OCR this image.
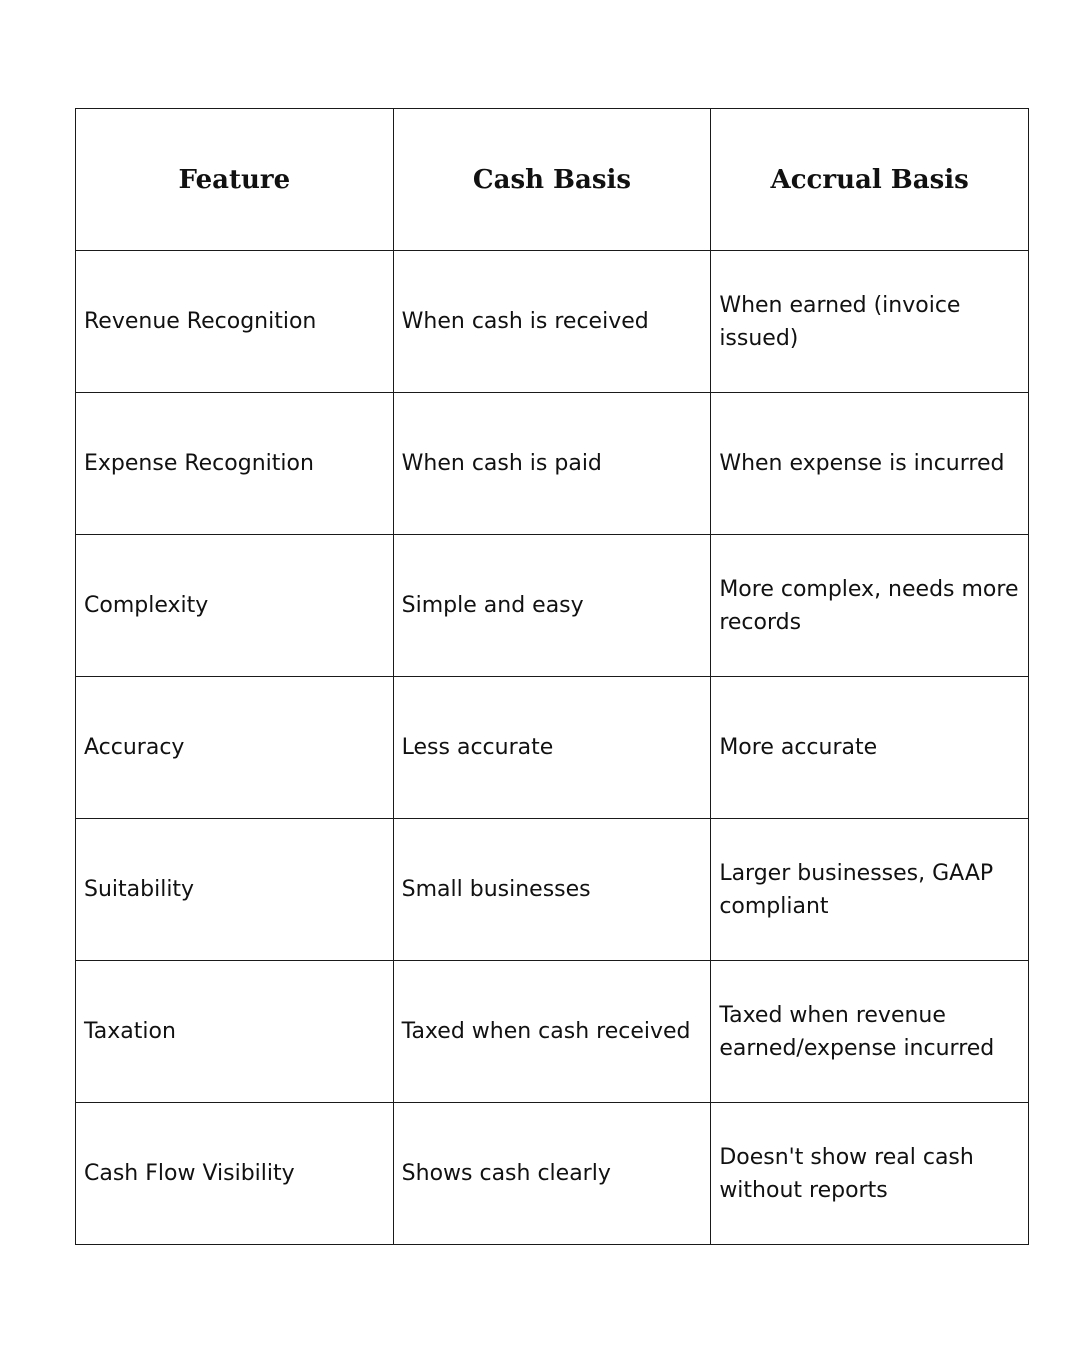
Feature	Cash Basis	Accrual Basis
Revenue Recognition	When cash is received	When earned (invoice issued)
Expense Recognition	When cash is paid	When expense is incurred
Complexity	Simple and easy	More complex, needs more records
Accuracy	Less accurate	More accurate
Suitability	Small businesses	Larger businesses, GAAP compliant
Taxation	Taxed when cash received	Taxed when revenue earned/expense incurred
Cash Flow Visibility	Shows cash clearly	Doesn't show real cash without reports
